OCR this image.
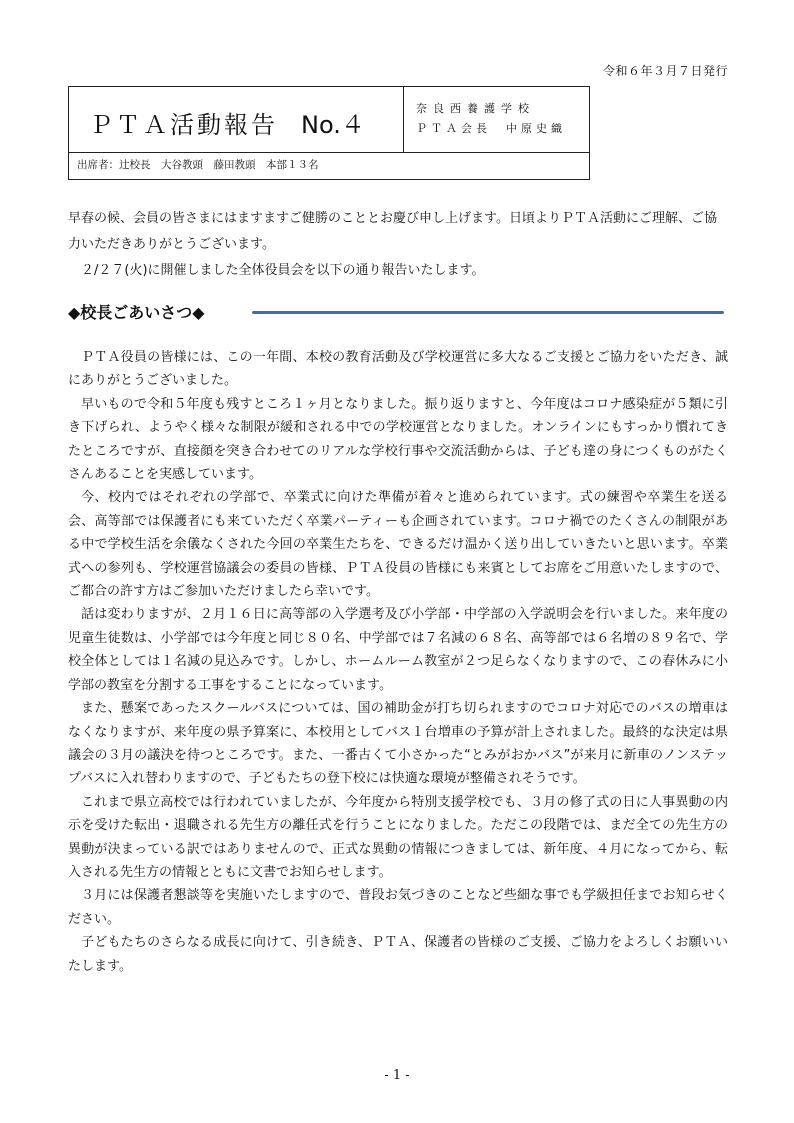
令和６年３月７日発行
ＰＴＡ活動報告 No.４
奈良西養護学校
ＰＴＡ会長　中原史織
出席者：辻校長　大谷教頭　藤田教頭　本部１３名

早春の候、会員の皆さまにはますますご健勝のこととお慶び申し上げます。日頃よりＰＴＡ活動にご理解、ご協力いただきありがとうございます。

　２/２７(火)に開催しました全体役員会を以下の通り報告いたします。

◆校長ごあいさつ◆

ＰＴＡ役員の皆様には、この一年間、本校の教育活動及び学校運営に多大なるご支援とご協力をいただき、誠にありがとうございました。

早いもので令和５年度も残すところ１ヶ月となりました。振り返りますと、今年度はコロナ感染症が５類に引き下げられ、ようやく様々な制限が緩和される中での学校運営となりました。オンラインにもすっかり慣れてきたところですが、直接顔を突き合わせてのリアルな学校行事や交流活動からは、子ども達の身につくものがたくさんあることを実感しています。

今、校内ではそれぞれの学部で、卒業式に向けた準備が着々と進められています。式の練習や卒業生を送る会、高等部では保護者にも来ていただく卒業パーティーも企画されています。コロナ禍でのたくさんの制限がある中で学校生活を余儀なくされた今回の卒業生たちを、できるだけ温かく送り出していきたいと思います。卒業式への参列も、学校運営協議会の委員の皆様、ＰＴＡ役員の皆様にも来賓としてお席をご用意いたしますので、ご都合の許す方はご参加いただけましたら幸いです。

話は変わりますが、２月１６日に高等部の入学選考及び小学部・中学部の入学説明会を行いました。来年度の児童生徒数は、小学部では今年度と同じ８０名、中学部では７名減の６８名、高等部では６名増の８９名で、学校全体としては１名減の見込みです。しかし、ホームルーム教室が２つ足らなくなりますので、この春休みに小学部の教室を分割する工事をすることになっています。

また、懸案であったスクールバスについては、国の補助金が打ち切られますのでコロナ対応でのバスの増車はなくなりますが、来年度の県予算案に、本校用としてバス１台増車の予算が計上されました。最終的な決定は県議会の３月の議決を待つところです。また、一番古くて小さかった“とみがおかバス”が来月に新車のノンステップバスに入れ替わりますので、子どもたちの登下校には快適な環境が整備されそうです。

これまで県立高校では行われていましたが、今年度から特別支援学校でも、３月の修了式の日に人事異動の内示を受けた転出・退職される先生方の離任式を行うことになりました。ただこの段階では、まだ全ての先生方の異動が決まっている訳ではありませんので、正式な異動の情報につきましては、新年度、４月になってから、転入される先生方の情報とともに文書でお知らせします。

３月には保護者懇談等を実施いたしますので、普段お気づきのことなど些細な事でも学級担任までお知らせください。

子どもたちのさらなる成長に向けて、引き続き、ＰＴＡ、保護者の皆様のご支援、ご協力をよろしくお願いいたします。

- 1 -
